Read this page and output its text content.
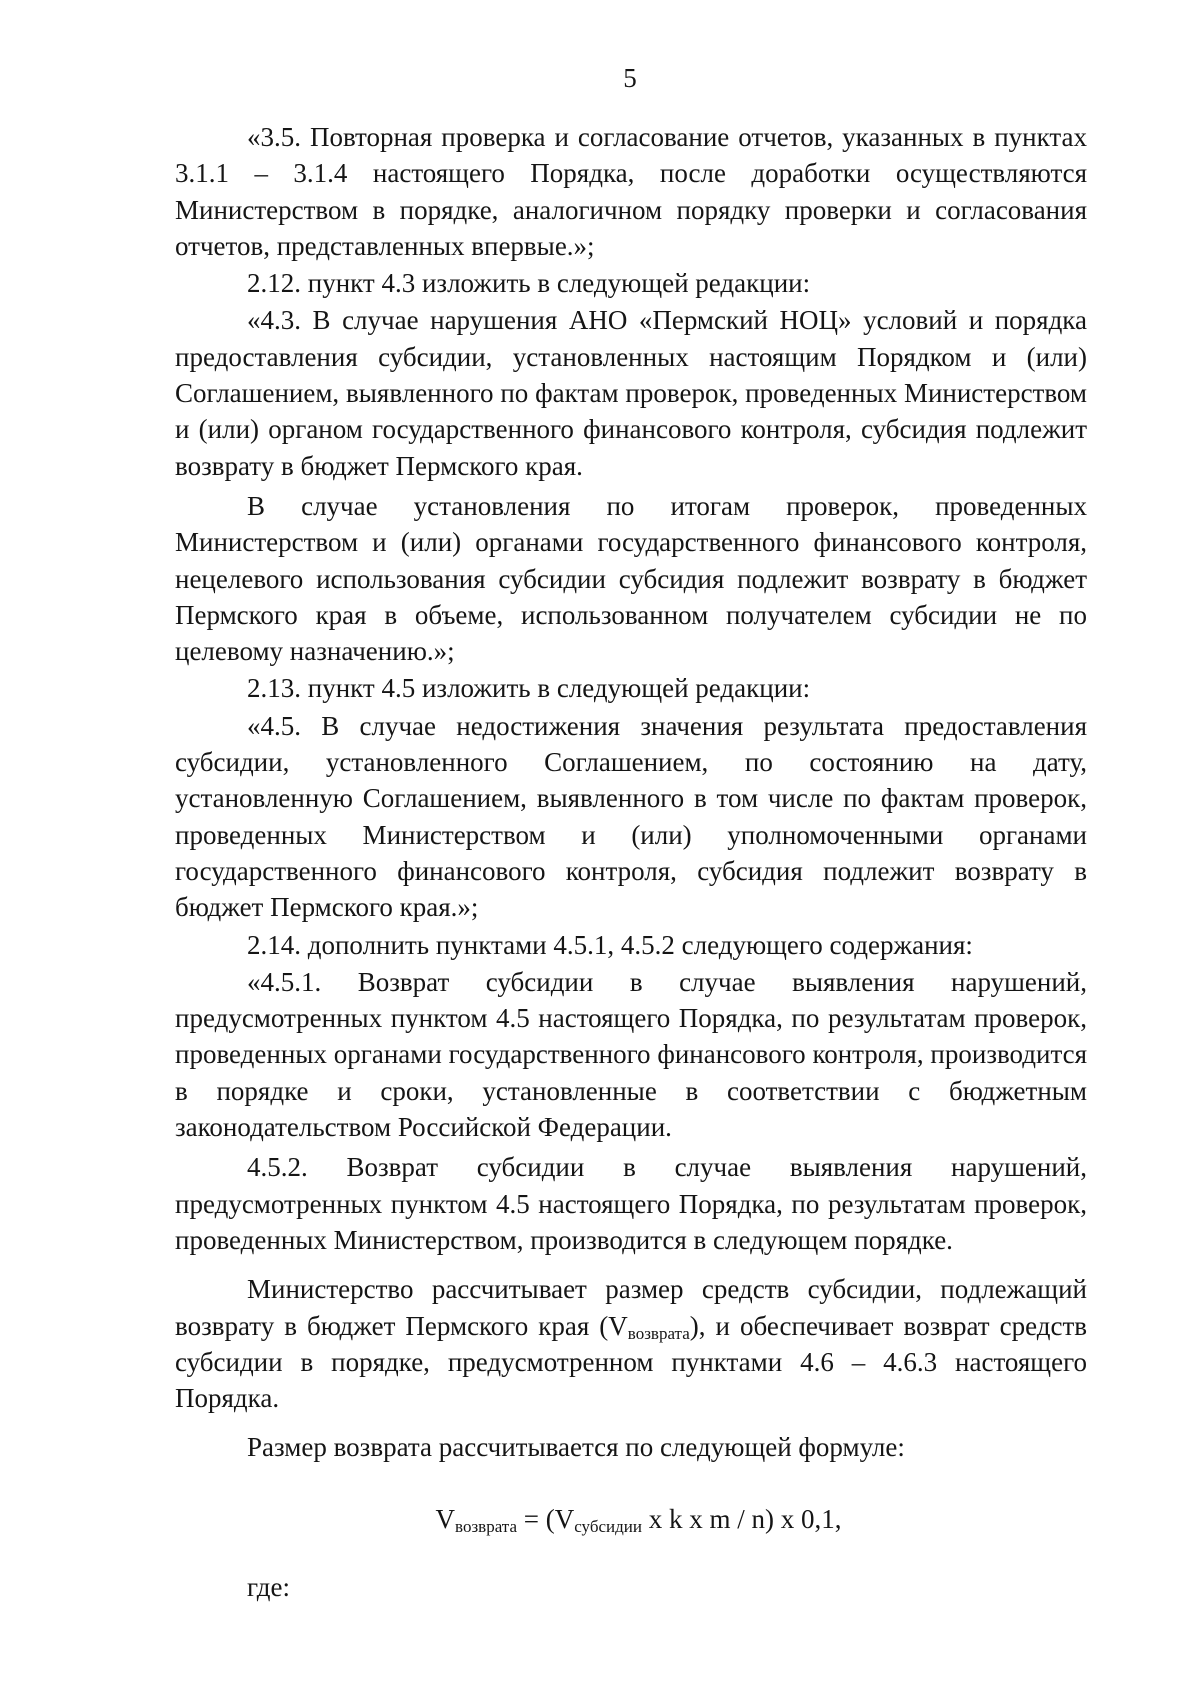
5

«3.5. Повторная проверка и согласование отчетов, указанных в пунктах 3.1.1 – 3.1.4 настоящего Порядка, после доработки осуществляются Министерством в порядке, аналогичном порядку проверки и согласования отчетов, представленных впервые.»;

2.12. пункт 4.3 изложить в следующей редакции:

«4.3. В случае нарушения АНО «Пермский НОЦ» условий и порядка предоставления субсидии, установленных настоящим Порядком и (или) Соглашением, выявленного по фактам проверок, проведенных Министерством и (или) органом государственного финансового контроля, субсидия подлежит возврату в бюджет Пермского края.

В случае установления по итогам проверок, проведенных Министерством и (или) органами государственного финансового контроля, нецелевого использования субсидии субсидия подлежит возврату в бюджет Пермского края в объеме, использованном получателем субсидии не по целевому назначению.»;

2.13. пункт 4.5 изложить в следующей редакции:

«4.5. В случае недостижения значения результата предоставления субсидии, установленного Соглашением, по состоянию на дату, установленную Соглашением, выявленного в том числе по фактам проверок, проведенных Министерством и (или) уполномоченными органами государственного финансового контроля, субсидия подлежит возврату в бюджет Пермского края.»;

2.14. дополнить пунктами 4.5.1, 4.5.2 следующего содержания:

«4.5.1. Возврат субсидии в случае выявления нарушений, предусмотренных пунктом 4.5 настоящего Порядка, по результатам проверок, проведенных органами государственного финансового контроля, производится в порядке и сроки, установленные в соответствии с бюджетным законодательством Российской Федерации.

4.5.2. Возврат субсидии в случае выявления нарушений, предусмотренных пунктом 4.5 настоящего Порядка, по результатам проверок, проведенных Министерством, производится в следующем порядке.

Министерство рассчитывает размер средств субсидии, подлежащий возврату в бюджет Пермского края (Vвозврата), и обеспечивает возврат средств субсидии в порядке, предусмотренном пунктами 4.6 – 4.6.3 настоящего Порядка.

Размер возврата рассчитывается по следующей формуле:

$V_{возврата} = (V_{субсидии}$ x k x m / n) x 0,1,
где:
